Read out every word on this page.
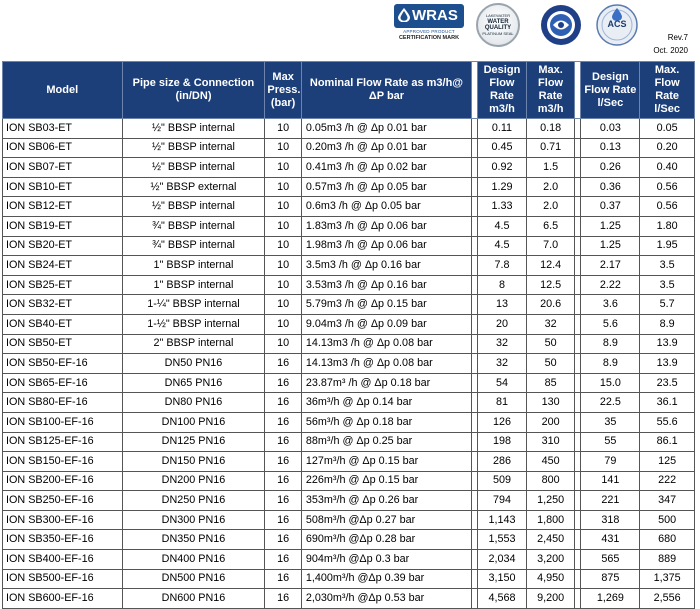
WRAS
APPROVED PRODUCT
CERTIFICATION MARK
LAKEWATER
WATER QUALITY
PLATINUM SEAL
ACS
Rev.7
Oct. 2020
Model	Pipe size & Connection (in/DN)	Max Press. (bar)	Nominal Flow Rate as m3/h@ ΔP bar		Design Flow Rate m3/h	Max. Flow Rate m3/h		Design Flow Rate l/Sec	Max. Flow Rate l/Sec
ION SB03-ET	½" BBSP internal	10	0.05m3 /h @ Δp 0.01 bar		0.11	0.18		0.03	0.05
ION SB06-ET	½" BBSP internal	10	0.20m3 /h @ Δp 0.01 bar		0.45	0.71		0.13	0.20
ION SB07-ET	½" BBSP internal	10	0.41m3 /h @ Δp 0.02 bar		0.92	1.5		0.26	0.40
ION SB10-ET	½" BBSP external	10	0.57m3 /h @ Δp 0.05 bar		1.29	2.0		0.36	0.56
ION SB12-ET	½" BBSP internal	10	0.6m3 /h @ Δp 0.05 bar		1.33	2.0		0.37	0.56
ION SB19-ET	¾" BBSP internal	10	1.83m3 /h @ Δp 0.06 bar		4.5	6.5		1.25	1.80
ION SB20-ET	¾" BBSP internal	10	1.98m3 /h @ Δp 0.06 bar		4.5	7.0		1.25	1.95
ION SB24-ET	1" BBSP internal	10	3.5m3 /h @ Δp 0.16 bar		7.8	12.4		2.17	3.5
ION SB25-ET	1" BBSP internal	10	3.53m3 /h @ Δp 0.16 bar		8	12.5		2.22	3.5
ION SB32-ET	1-¼" BBSP internal	10	5.79m3 /h @ Δp 0.15 bar		13	20.6		3.6	5.7
ION SB40-ET	1-½" BBSP internal	10	9.04m3 /h @ Δp 0.09 bar		20	32		5.6	8.9
ION SB50-ET	2" BBSP internal	10	14.13m3 /h @ Δp 0.08 bar		32	50		8.9	13.9
ION SB50-EF-16	DN50 PN16	16	14.13m3 /h @ Δp 0.08 bar		32	50		8.9	13.9
ION SB65-EF-16	DN65 PN16	16	23.87m³ /h @ Δp 0.18 bar		54	85		15.0	23.5
ION SB80-EF-16	DN80 PN16	16	36m³/h @ Δp 0.14 bar		81	130		22.5	36.1
ION SB100-EF-16	DN100 PN16	16	56m³/h @ Δp 0.18 bar		126	200		35	55.6
ION SB125-EF-16	DN125 PN16	16	88m³/h @ Δp 0.25 bar		198	310		55	86.1
ION SB150-EF-16	DN150 PN16	16	127m³/h @ Δp 0.15 bar		286	450		79	125
ION SB200-EF-16	DN200 PN16	16	226m³/h @ Δp 0.15 bar		509	800		141	222
ION SB250-EF-16	DN250 PN16	16	353m³/h @ Δp 0.26 bar		794	1,250		221	347
ION SB300-EF-16	DN300 PN16	16	508m³/h @Δp 0.27 bar		1,143	1,800		318	500
ION SB350-EF-16	DN350 PN16	16	690m³/h @Δp 0.28 bar		1,553	2,450		431	680
ION SB400-EF-16	DN400 PN16	16	904m³/h @Δp 0.3 bar		2,034	3,200		565	889
ION SB500-EF-16	DN500 PN16	16	1,400m³/h @Δp 0.39 bar		3,150	4,950		875	1,375
ION SB600-EF-16	DN600 PN16	16	2,030m³/h @Δp 0.53 bar		4,568	9,200		1,269	2,556
